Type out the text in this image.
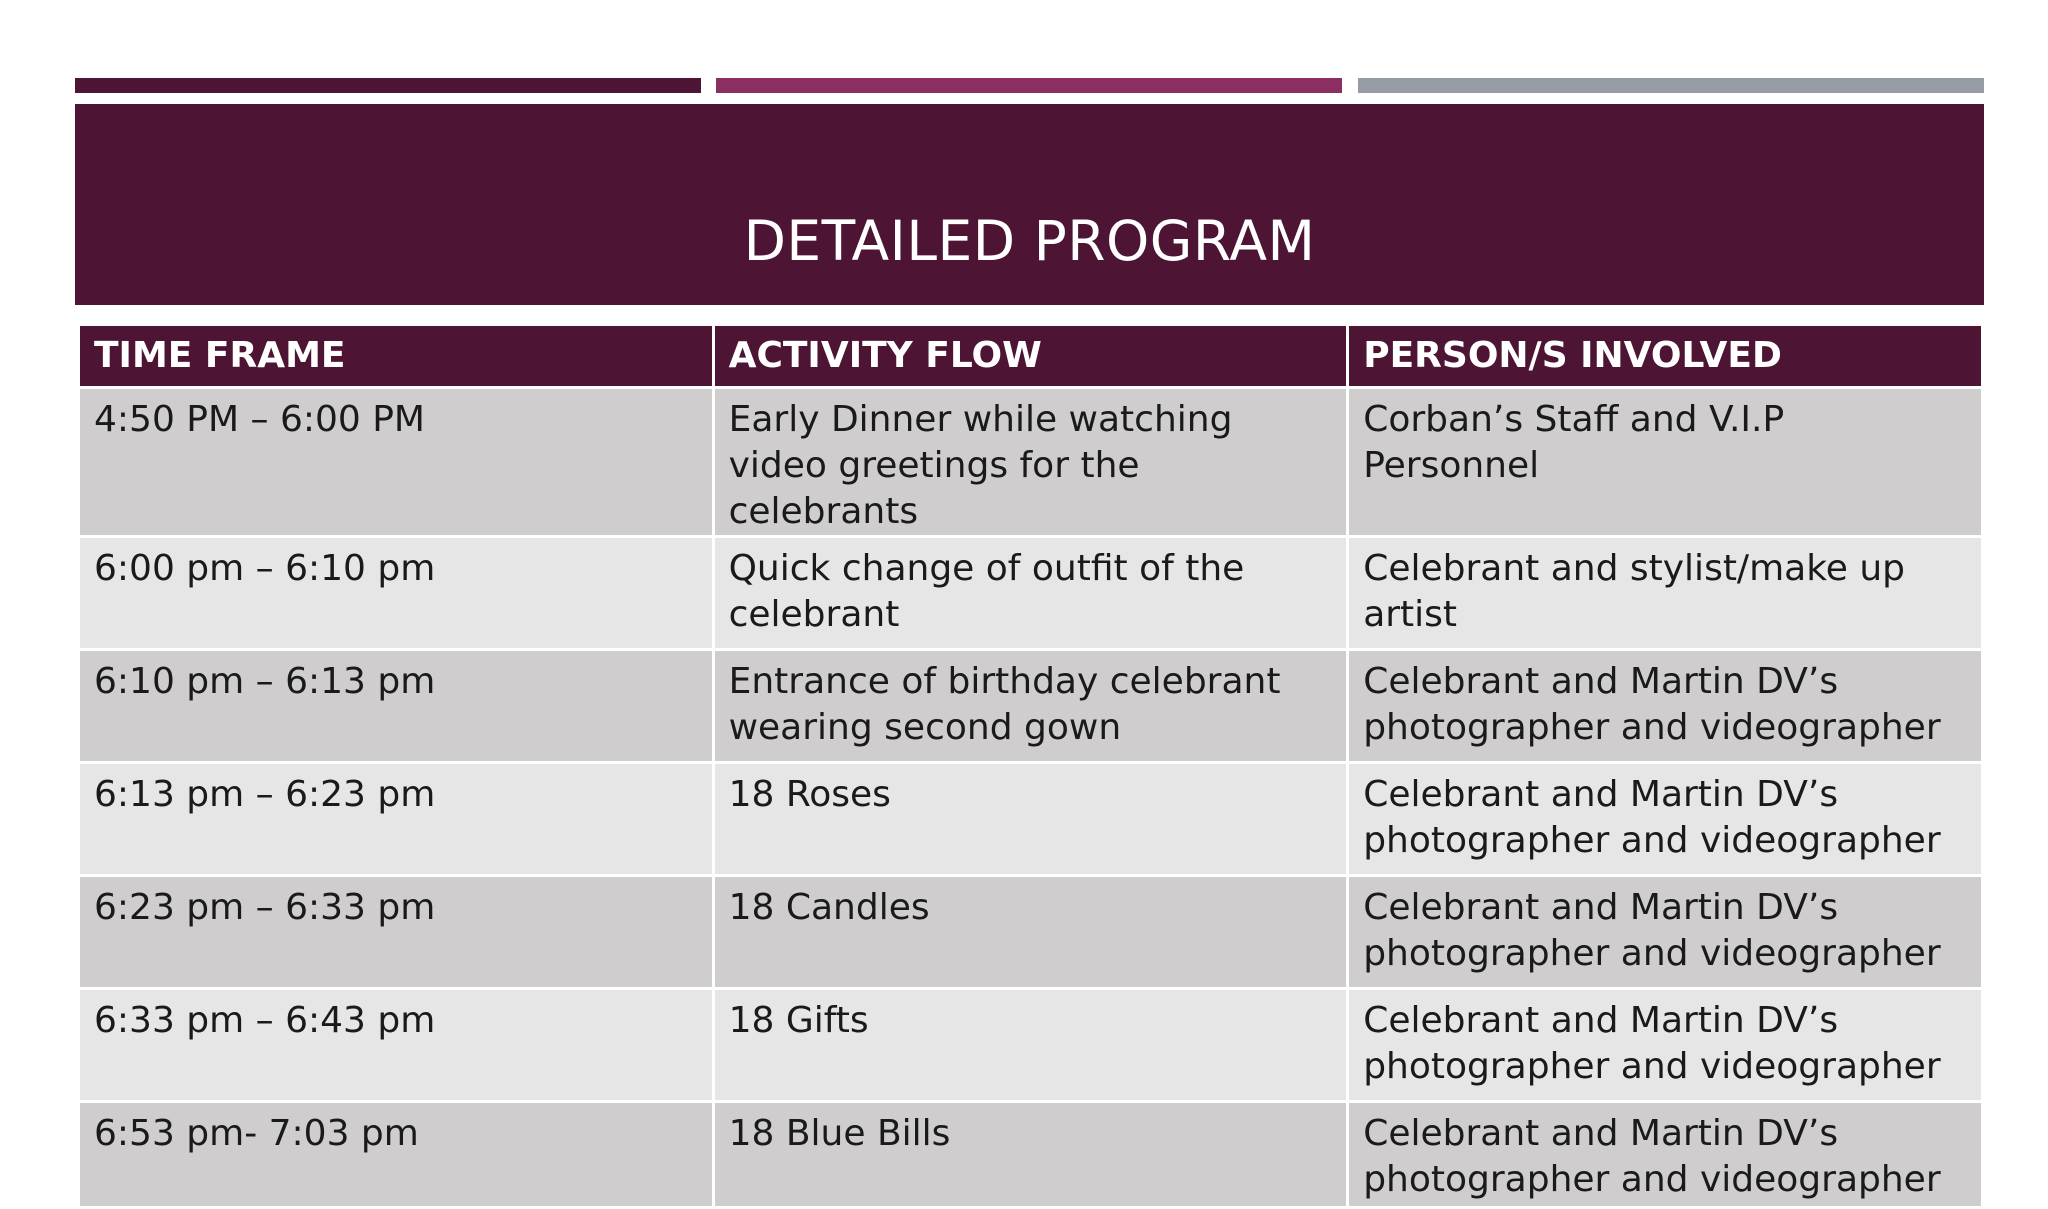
DETAILED PROGRAM
TIME FRAME	ACTIVITY FLOW	PERSON/S INVOLVED
4:50 PM – 6:00 PM	Early Dinner while watching video greetings for the celebrants	Corban’s Staff and V.I.P Personnel
6:00 pm – 6:10 pm	Quick change of outfit of the celebrant	Celebrant and stylist/make up artist
6:10 pm – 6:13 pm	Entrance of birthday celebrant wearing second gown	Celebrant and Martin DV’s photographer and videographer
6:13 pm – 6:23 pm	18 Roses	Celebrant and Martin DV’s photographer and videographer
6:23 pm – 6:33 pm	18 Candles	Celebrant and Martin DV’s photographer and videographer
6:33 pm – 6:43 pm	18 Gifts	Celebrant and Martin DV’s photographer and videographer
6:53 pm- 7:03 pm	18 Blue Bills	Celebrant and Martin DV’s photographer and videographer
